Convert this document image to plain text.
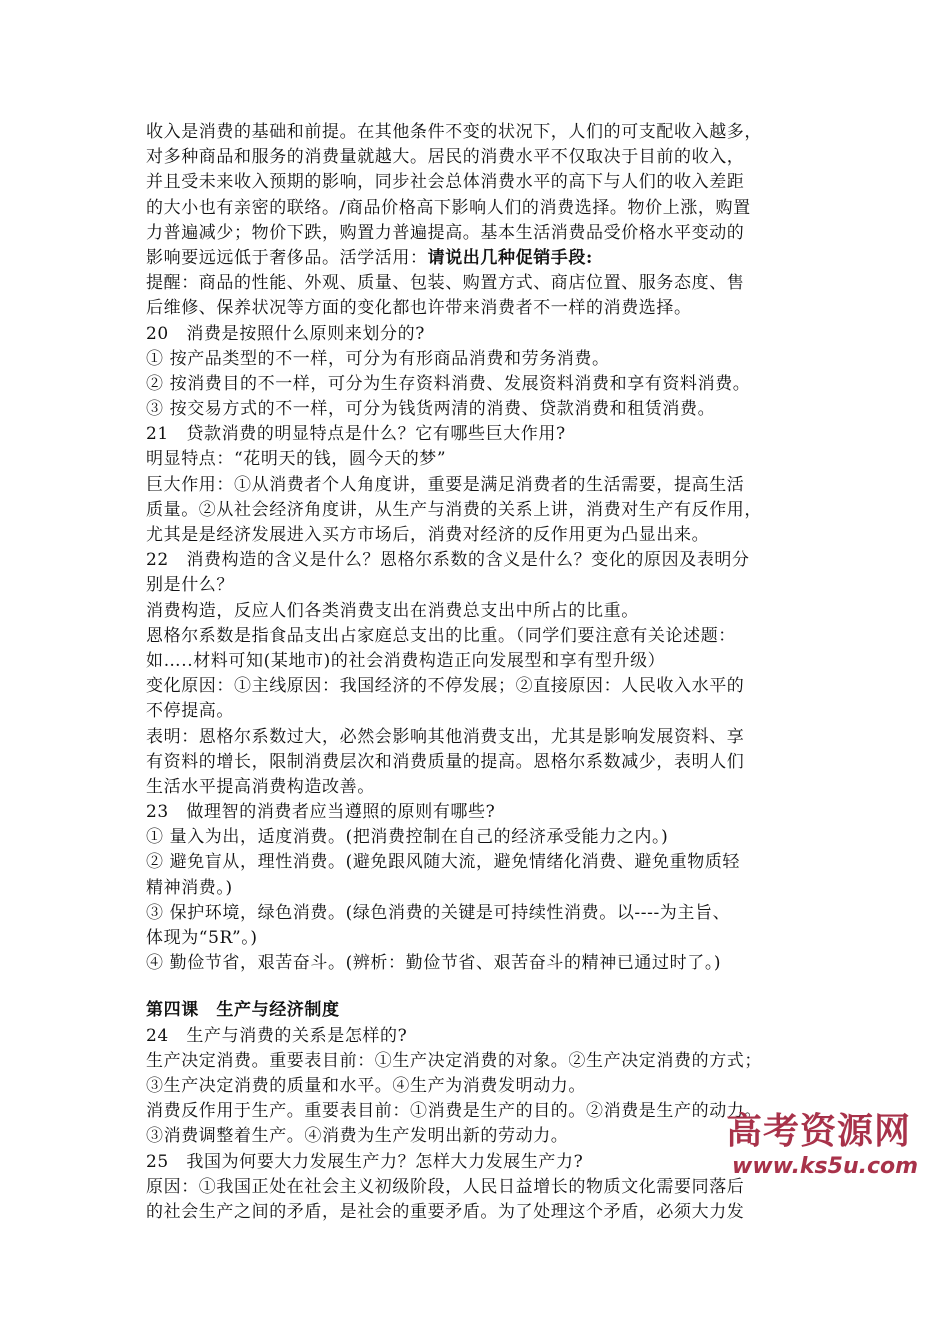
收入是消费的基础和前提。在其他条件不变的状况下，人们的可支配收入越多，
对多种商品和服务的消费量就越大。居民的消费水平不仅取决于目前的收入，
并且受未来收入预期的影响，同步社会总体消费水平的高下与人们的收入差距
的大小也有亲密的联络。/商品价格高下影响人们的消费选择。物价上涨，购置
力普遍减少；物价下跌，购置力普遍提高。基本生活消费品受价格水平变动的
影响要远远低于奢侈品。活学活用：请说出几种促销手段:
提醒：商品的性能、外观、质量、包装、购置方式、商店位置、服务态度、售
后维修、保养状况等方面的变化都也许带来消费者不一样的消费选择。
20　消费是按照什么原则来划分的?
① 按产品类型的不一样，可分为有形商品消费和劳务消费。
② 按消费目的不一样，可分为生存资料消费、发展资料消费和享有资料消费。
③ 按交易方式的不一样，可分为钱货两清的消费、贷款消费和租赁消费。
21　贷款消费的明显特点是什么？它有哪些巨大作用?
明显特点：“花明天的钱，圆今天的梦”
巨大作用：①从消费者个人角度讲，重要是满足消费者的生活需要，提高生活
质量。②从社会经济角度讲，从生产与消费的关系上讲，消费对生产有反作用，
尤其是是经济发展进入买方市场后，消费对经济的反作用更为凸显出来。
22　消费构造的含义是什么？恩格尔系数的含义是什么？变化的原因及表明分
别是什么？
消费构造，反应人们各类消费支出在消费总支出中所占的比重。
恩格尔系数是指食品支出占家庭总支出的比重。（同学们要注意有关论述题：
如…..材料可知(某地市)的社会消费构造正向发展型和享有型升级）
变化原因：①主线原因：我国经济的不停发展；②直接原因：人民收入水平的
不停提高。
表明：恩格尔系数过大，必然会影响其他消费支出，尤其是影响发展资料、享
有资料的增长，限制消费层次和消费质量的提高。恩格尔系数减少，表明人们
生活水平提高消费构造改善。
23　做理智的消费者应当遵照的原则有哪些?
① 量入为出，适度消费。(把消费控制在自己的经济承受能力之内。)
② 避免盲从，理性消费。(避免跟风随大流，避免情绪化消费、避免重物质轻
精神消费。)
③ 保护环境，绿色消费。(绿色消费的关键是可持续性消费。以----为主旨、
体现为“5R”。)
④ 勤俭节省，艰苦奋斗。(辨析：勤俭节省、艰苦奋斗的精神已通过时了。)
第四课　生产与经济制度
24　生产与消费的关系是怎样的?
生产决定消费。重要表目前：①生产决定消费的对象。②生产决定消费的方式；
③生产决定消费的质量和水平。④生产为消费发明动力。
消费反作用于生产。重要表目前：①消费是生产的目的。②消费是生产的动力。
③消费调整着生产。④消费为生产发明出新的劳动力。
25　我国为何要大力发展生产力？怎样大力发展生产力?
原因：①我国正处在社会主义初级阶段，人民日益增长的物质文化需要同落后
的社会生产之间的矛盾，是社会的重要矛盾。为了处理这个矛盾，必须大力发
高考资源网
www.ks5u.com
